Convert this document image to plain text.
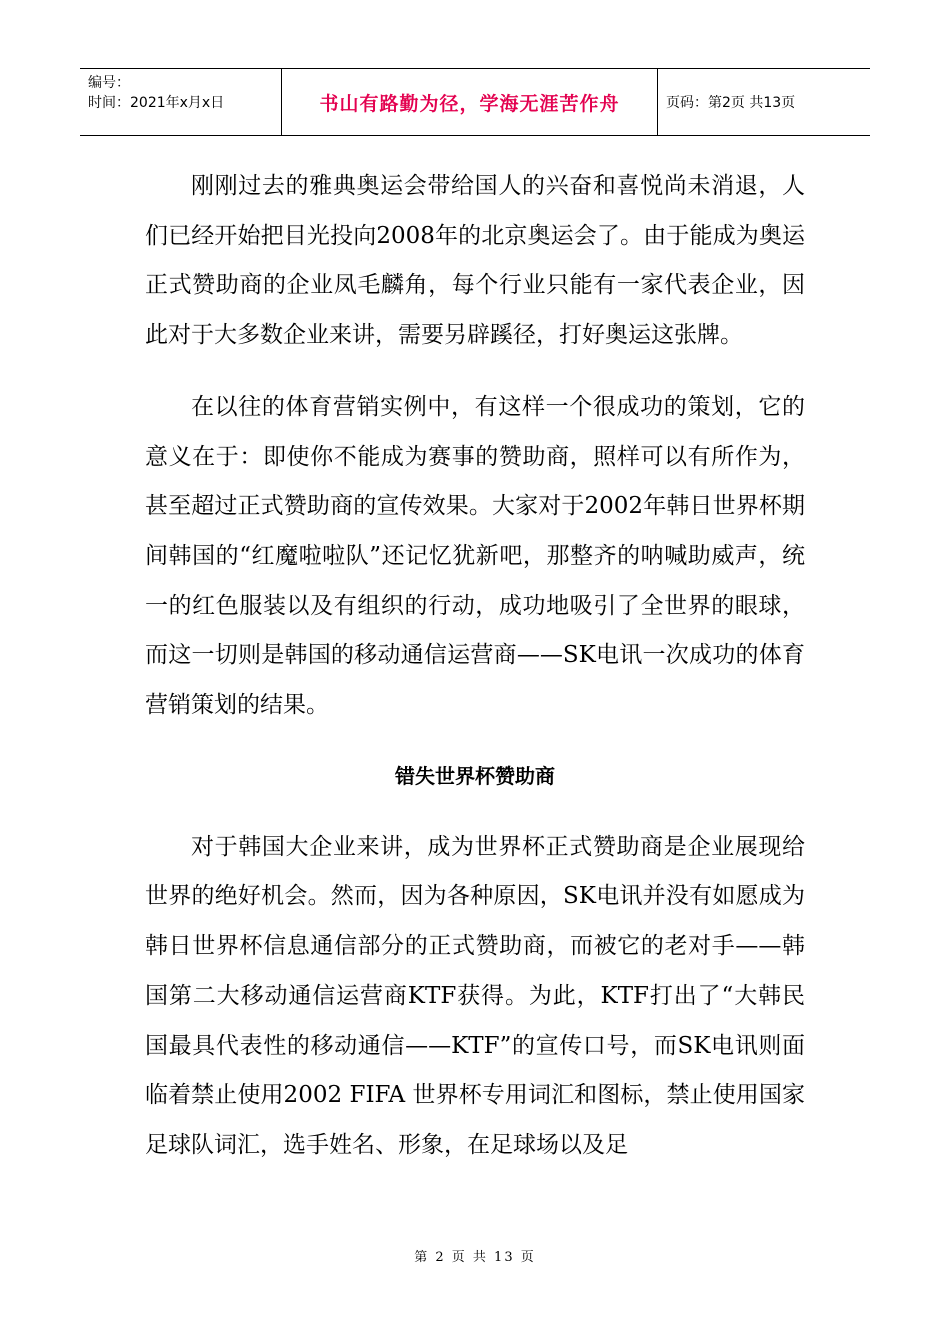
编号：
时间：2021年x月x日	书山有路勤为径，学海无涯苦作舟	页码：第2页 共13页

刚刚过去的雅典奥运会带给国人的兴奋和喜悦尚未消退，人们已经开始把目光投向2008年的北京奥运会了。由于能成为奥运正式赞助商的企业凤毛麟角，每个行业只能有一家代表企业，因此对于大多数企业来讲，需要另辟蹊径，打好奥运这张牌。

在以往的体育营销实例中，有这样一个很成功的策划，它的意义在于：即使你不能成为赛事的赞助商，照样可以有所作为，甚至超过正式赞助商的宣传效果。大家对于2002年韩日世界杯期间韩国的“红魔啦啦队”还记忆犹新吧，那整齐的呐喊助威声，统一的红色服装以及有组织的行动，成功地吸引了全世界的眼球，而这一切则是韩国的移动通信运营商——SK电讯一次成功的体育营销策划的结果。

错失世界杯赞助商

对于韩国大企业来讲，成为世界杯正式赞助商是企业展现给世界的绝好机会。然而，因为各种原因，SK电讯并没有如愿成为韩日世界杯信息通信部分的正式赞助商，而被它的老对手——韩国第二大移动通信运营商KTF获得。为此，KTF打出了“大韩民国最具代表性的移动通信——KTF”的宣传口号，而SK电讯则面临着禁止使用2002 FIFA 世界杯专用词汇和图标，禁止使用国家足球队词汇，选手姓名、形象，在足球场以及足

第 2 页 共 13 页
